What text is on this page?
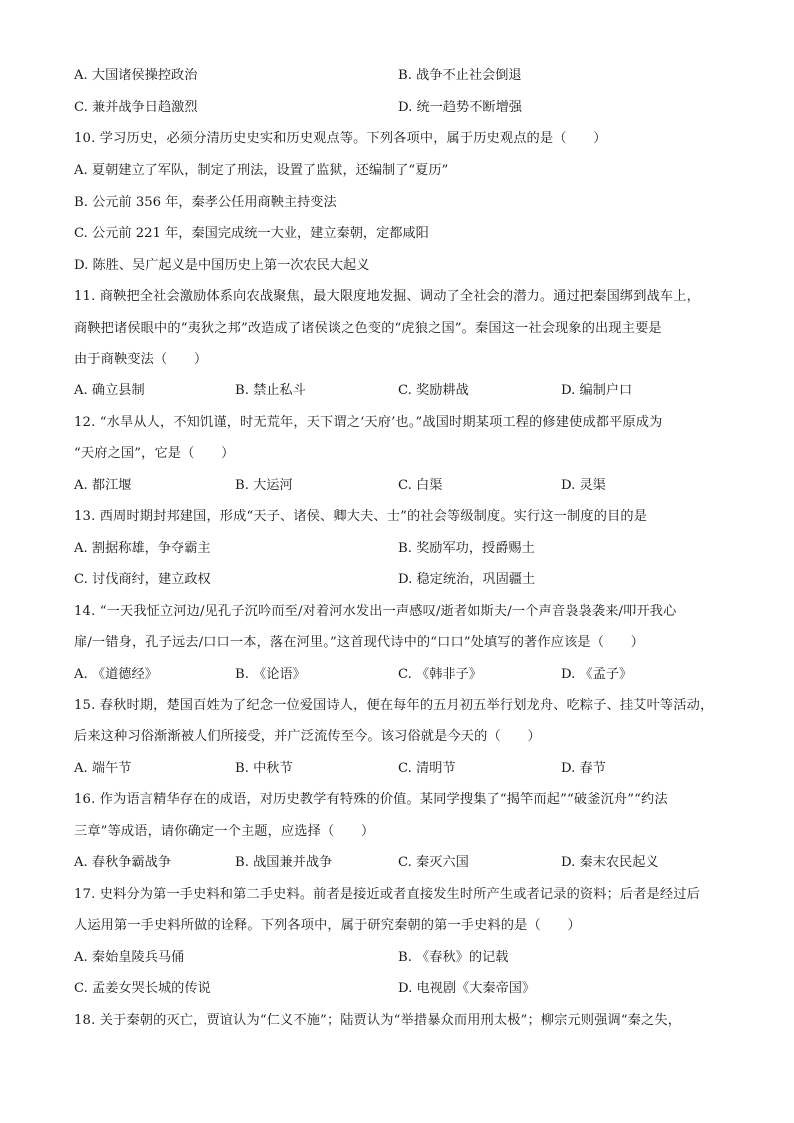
A. 大国诸侯操控政治	B. 战争不止社会倒退
C. 兼并战争日趋激烈	D. 统一趋势不断增强
10. 学习历史，必须分清历史史实和历史观点等。下列各项中，属于历史观点的是（　　）
A. 夏朝建立了军队，制定了刑法，设置了监狱，还编制了“夏历”
B. 公元前 356 年，秦孝公任用商鞅主持变法
C. 公元前 221 年，秦国完成统一大业，建立秦朝，定都咸阳
D. 陈胜、吴广起义是中国历史上第一次农民大起义
11. 商鞅把全社会激励体系向农战聚焦，最大限度地发掘、调动了全社会的潜力。通过把秦国绑到战车上，
商鞅把诸侯眼中的“夷狄之邦”改造成了诸侯谈之色变的“虎狼之国”。秦国这一社会现象的出现主要是
由于商鞅变法（　　）
A. 确立县制	B. 禁止私斗	C. 奖励耕战	D. 编制户口
12. “水旱从人，不知饥谨，时无荒年，天下谓之‘天府’也。”战国时期某项工程的修建使成都平原成为
“天府之国”，它是（　　）
A. 都江堰	B. 大运河	C. 白渠	D. 灵渠
13. 西周时期封邦建国，形成“天子、诸侯、卿大夫、士”的社会等级制度。实行这一制度的目的是
A. 割据称雄，争夺霸主	B. 奖励军功，授爵赐土
C. 讨伐商纣，建立政权	D. 稳定统治，巩固疆土
14. “一天我怔立河边/见孔子沉吟而至/对着河水发出一声感叹/逝者如斯夫/一个声音袅袅袭来/叩开我心
扉/一错身，孔子远去/口口一本，落在河里。”这首现代诗中的“口口”处填写的著作应该是（　　）
A. 《道德经》	B. 《论语》	C. 《韩非子》	D. 《孟子》
15. 春秋时期，楚国百姓为了纪念一位爱国诗人，便在每年的五月初五举行划龙舟、吃粽子、挂艾叶等活动，
后来这种习俗渐渐被人们所接受，并广泛流传至今。该习俗就是今天的（　　）
A. 端午节	B. 中秋节	C. 清明节	D. 春节
16. 作为语言精华存在的成语，对历史教学有特殊的价值。某同学搜集了“揭竿而起”“破釜沉舟”“约法
三章”等成语，请你确定一个主题，应选择（　　）
A. 春秋争霸战争	B. 战国兼并战争	C. 秦灭六国	D. 秦末农民起义
17. 史料分为第一手史料和第二手史料。前者是接近或者直接发生时所产生或者记录的资料；后者是经过后
人运用第一手史料所做的诠释。下列各项中，属于研究秦朝的第一手史料的是（　　）
A. 秦始皇陵兵马俑	B. 《春秋》的记载
C. 孟姜女哭长城的传说	D. 电视剧《大秦帝国》
18. 关于秦朝的灭亡，贾谊认为“仁义不施”；陆贾认为“举措暴众而用刑太极”；柳宗元则强调“秦之失，
